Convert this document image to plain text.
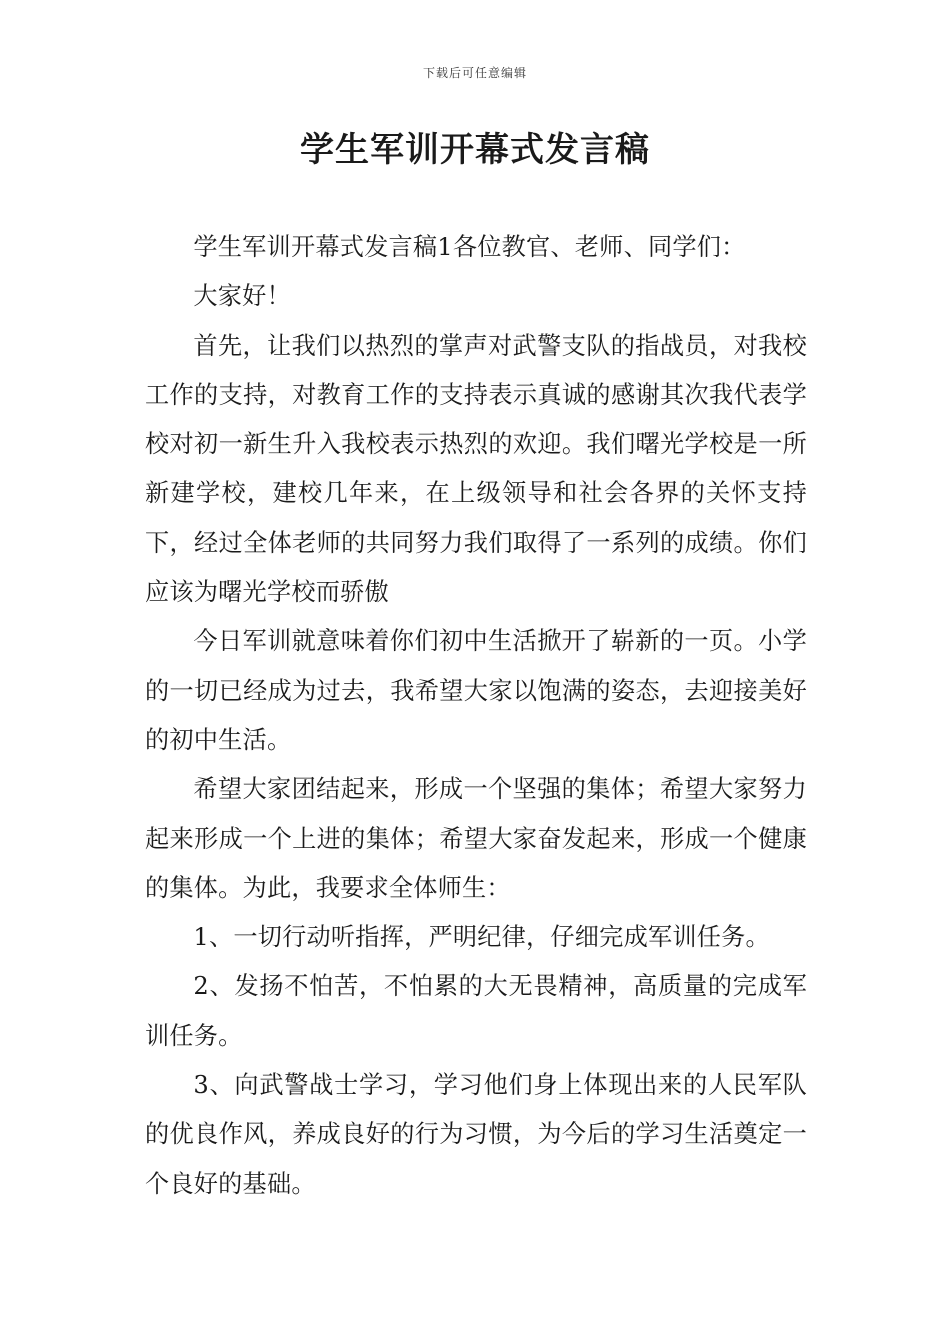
下载后可任意编辑
学生军训开幕式发言稿

学生军训开幕式发言稿1各位教官、老师、同学们：

大家好！

首先，让我们以热烈的掌声对武警支队的指战员，对我校工作的支持，对教育工作的支持表示真诚的感谢其次我代表学校对初一新生升入我校表示热烈的欢迎。我们曙光学校是一所新建学校，建校几年来，在上级领导和社会各界的关怀支持下，经过全体老师的共同努力我们取得了一系列的成绩。你们应该为曙光学校而骄傲

今日军训就意味着你们初中生活掀开了崭新的一页。小学的一切已经成为过去，我希望大家以饱满的姿态，去迎接美好的初中生活。

希望大家团结起来，形成一个坚强的集体；希望大家努力起来形成一个上进的集体；希望大家奋发起来，形成一个健康的集体。为此，我要求全体师生：

1、一切行动听指挥，严明纪律，仔细完成军训任务。

2、发扬不怕苦，不怕累的大无畏精神，高质量的完成军训任务。

3、向武警战士学习，学习他们身上体现出来的人民军队的优良作风，养成良好的行为习惯，为今后的学习生活奠定一个良好的基础。
